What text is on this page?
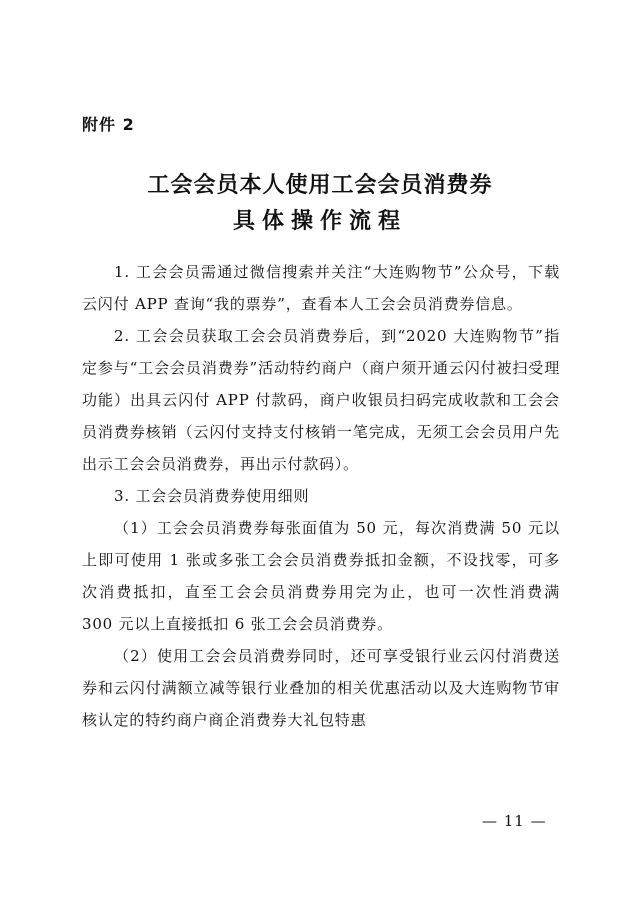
附件 2
工会会员本人使用工会会员消费券
具体操作流程

1. 工会会员需通过微信搜索并关注“大连购物节”公众号，下载云闪付 APP 查询“我的票券”，查看本人工会会员消费券信息。

2. 工会会员获取工会会员消费券后，到“2020 大连购物节”指定参与“工会会员消费券”活动特约商户（商户须开通云闪付被扫受理功能）出具云闪付 APP 付款码，商户收银员扫码完成收款和工会会员消费券核销（云闪付支持支付核销一笔完成，无须工会会员用户先出示工会会员消费券，再出示付款码）。

3. 工会会员消费券使用细则

（1）工会会员消费券每张面值为 50 元，每次消费满 50 元以上即可使用 1 张或多张工会会员消费券抵扣金额，不设找零，可多次消费抵扣，直至工会会员消费券用完为止，也可一次性消费满 300 元以上直接抵扣 6 张工会会员消费券。

（2）使用工会会员消费券同时，还可享受银行业云闪付消费送券和云闪付满额立减等银行业叠加的相关优惠活动以及大连购物节审核认定的特约商户商企消费券大礼包特惠

— 11 —
